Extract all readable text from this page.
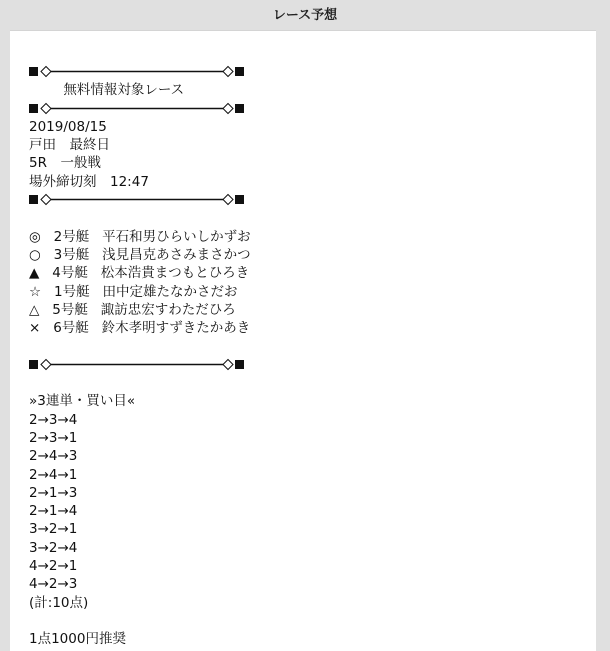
レース予想
無料情報対象レース
2019/08/15
戸田　最終日
5R　一般戦
場外締切刻　12:47
◎ 2号艇 平石和男ひらいしかずお
○ 3号艇 浅見昌克あさみまさかつ
▲ 4号艇 松本浩貴まつもとひろき
☆ 1号艇 田中定雄たなかさだお
△ 5号艇 諏訪忠宏すわただひろ
× 6号艇 鈴木孝明すずきたかあき
»3連単・買い目«
2→3→4
2→3→1
2→4→3
2→4→1
2→1→3
2→1→4
3→2→1
3→2→4
4→2→1
4→2→3
(計:10点)
1点1000円推奨
